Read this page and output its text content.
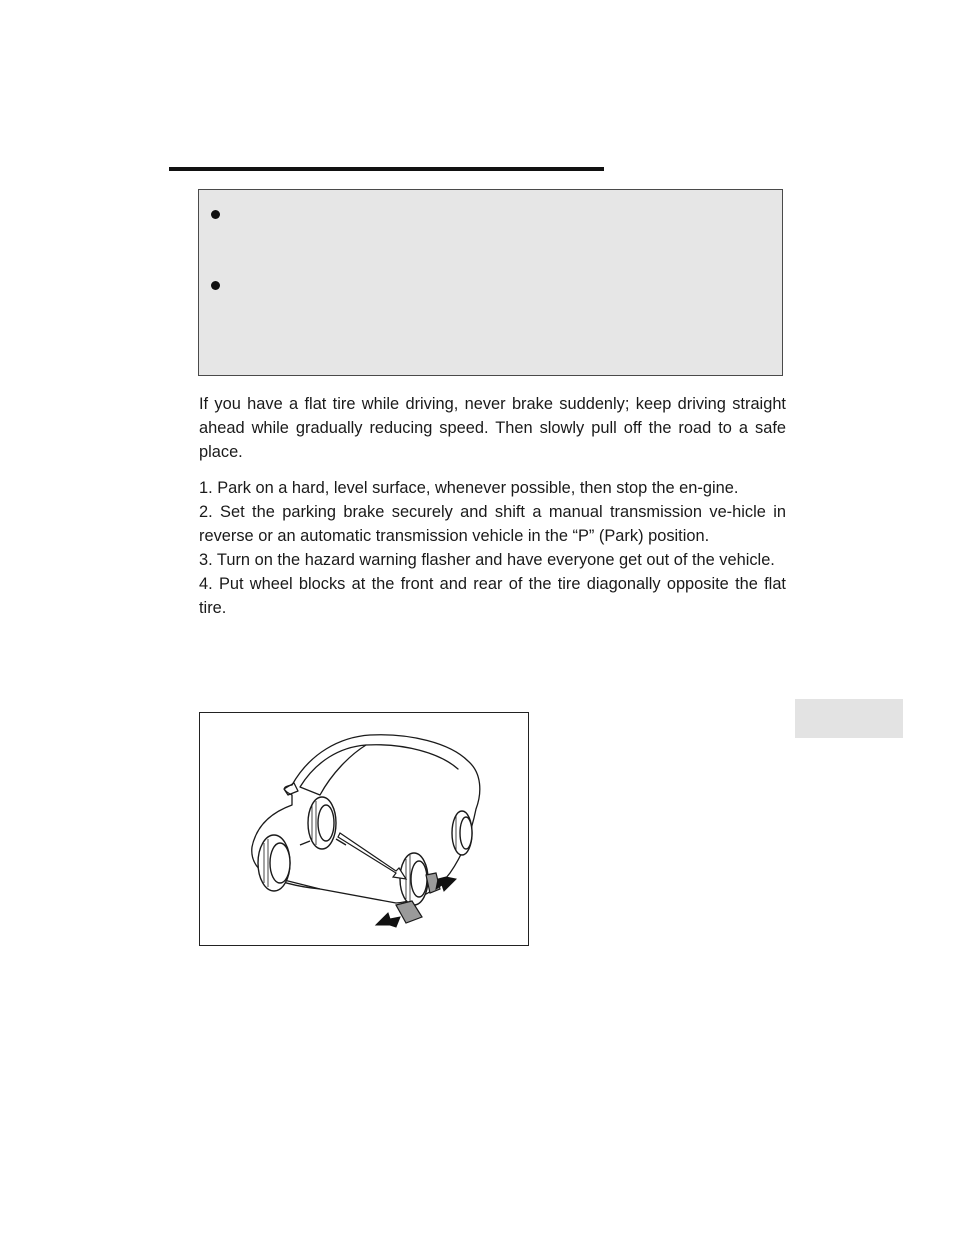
If you have a flat tire while driving, never brake suddenly; keep driving straight ahead while gradually reducing speed. Then slowly pull off the road to a safe place.

1. Park on a hard, level surface, whenever possible, then stop the en-gine.

2. Set the parking brake securely and shift a manual transmission ve-hicle in reverse or an automatic transmission vehicle in the “P” (Park) position.

3. Turn on the hazard warning flasher and have everyone get out of the vehicle.

4. Put wheel blocks at the front and rear of the tire diagonally opposite the flat tire.
